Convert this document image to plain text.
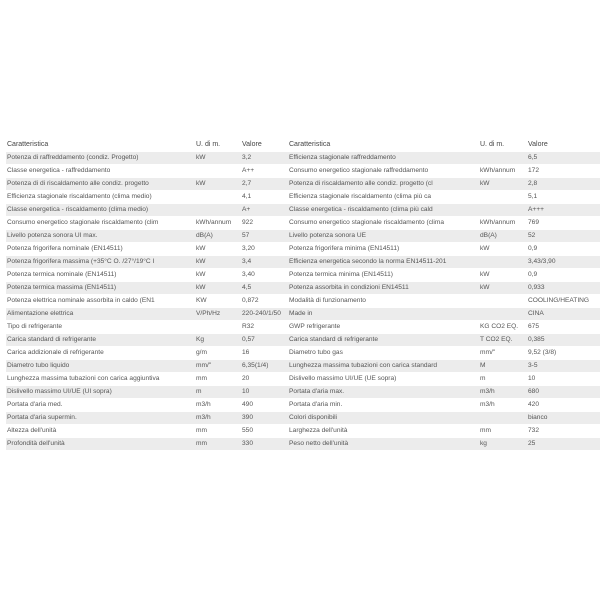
Caratteristica	U. di m.	Valore	Caratteristica	U. di m.	Valore
Potenza di raffreddamento (condiz. Progetto)	kW	3,2	Efficienza stagionale raffreddamento		6,5
Classe energetica - raffreddamento		A++	Consumo energetico stagionale raffreddamento	kWh/annum	172
Potenza di di riscaldamento alle condiz. progetto	kW	2,7	Potenza di riscaldamento alle condiz. progetto (cl	kW	2,8
Efficienza stagionale riscaldamento (clima medio)		4,1	Efficienza stagionale riscaldamento (clima più ca		5,1
Classe energetica - riscaldamento (clima medio)		A+	Classe energetica - riscaldamento (clima più cald		A+++
Consumo energetico stagionale riscaldamento (clim	kWh/annum	922	Consumo energetico stagionale riscaldamento (clima	kWh/annum	769
Livello potenza sonora UI max.	dB(A)	57	Livello potenza sonora UE	dB(A)	52
Potenza frigorifera nominale (EN14511)	kW	3,20	Potenza frigorifera minima (EN14511)	kW	0,9
Potenza frigorifera massima (+35°C O. /27°/19°C I	kW	3,4	Efficienza energetica secondo la norma EN14511-201		3,43/3,90
Potenza termica nominale (EN14511)	kW	3,40	Potenza termica minima (EN14511)	kW	0,9
Potenza termica massima (EN14511)	kW	4,5	Potenza assorbita in condizioni EN14511	kW	0,933
Potenza elettrica nominale assorbita in caldo (EN1	KW	0,872	Modalità di funzionamento		COOLING/HEATING
Alimentazione elettrica	V/Ph/Hz	220-240/1/50	Made in		CINA
Tipo di refrigerante		R32	GWP refrigerante	KG CO2 EQ.	675
Carica standard di refrigerante	Kg	0,57	Carica standard di refrigerante	T CO2 EQ.	0,385
Carica addizionale di refrigerante	g/m	16	Diametro tubo gas	mm/"	9,52 (3/8)
Diametro tubo liquido	mm/"	6,35(1/4)	Lunghezza massima tubazioni con carica standard	M	3-5
Lunghezza massima tubazioni con carica aggiuntiva	mm	20	Dislivello massimo UI/UE (UE sopra)	m	10
Dislivello massimo UI/UE (UI sopra)	m	10	Portata d'aria max.	m3/h	680
Portata d'aria med.	m3/h	490	Portata d'aria min.	m3/h	420
Portata d'aria supermin.	m3/h	390	Colori disponibili		bianco
Altezza dell'unità	mm	550	Larghezza dell'unità	mm	732
Profondità dell'unità	mm	330	Peso netto dell'unità	kg	25
